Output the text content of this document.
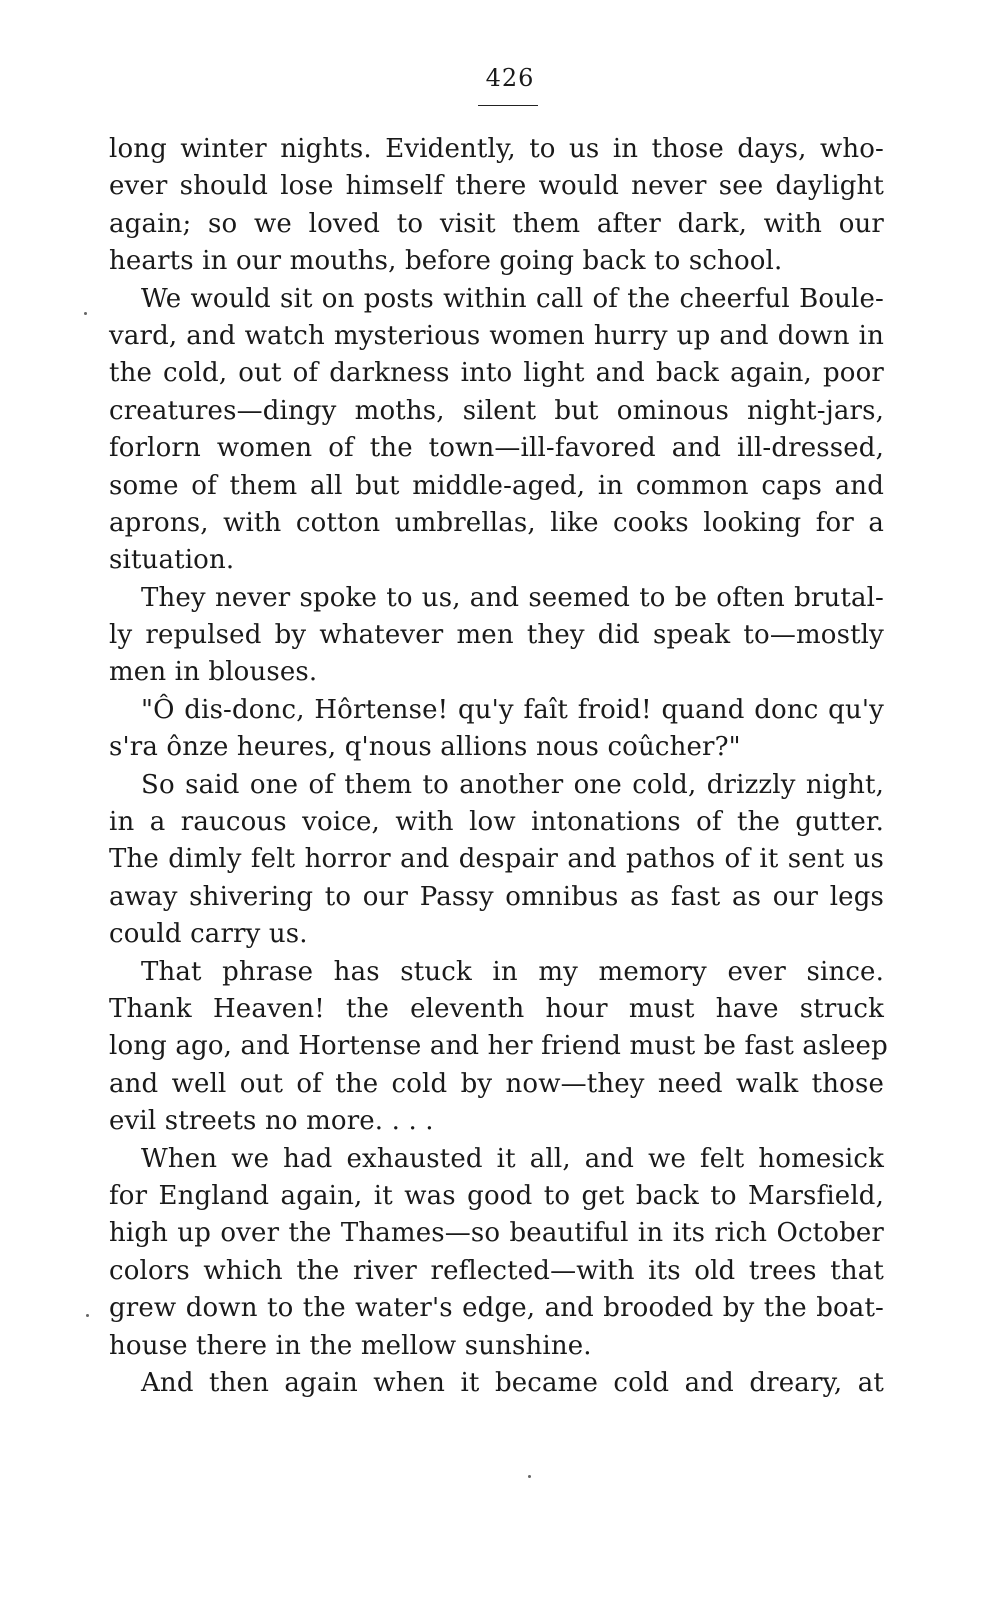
426
long winter nights. Evidently, to us in those days, who-
ever should lose himself there would never see daylight
again; so we loved to visit them after dark, with our
hearts in our mouths, before going back to school.
We would sit on posts within call of the cheerful Boule-
vard, and watch mysterious women hurry up and down in
the cold, out of darkness into light and back again, poor
creatures—dingy moths, silent but ominous night-jars,
forlorn women of the town—ill-favored and ill-dressed,
some of them all but middle-aged, in common caps and
aprons, with cotton umbrellas, like cooks looking for a
situation.
They never spoke to us, and seemed to be often brutal-
ly repulsed by whatever men they did speak to—mostly
men in blouses.
"Ô dis-donc, Hôrtense! qu'y faît froid! quand donc qu'y
s'ra ônze heures, q'nous allions nous coûcher?"
So said one of them to another one cold, drizzly night,
in a raucous voice, with low intonations of the gutter.
The dimly felt horror and despair and pathos of it sent us
away shivering to our Passy omnibus as fast as our legs
could carry us.
That phrase has stuck in my memory ever since.
Thank Heaven! the eleventh hour must have struck
long ago, and Hortense and her friend must be fast asleep
and well out of the cold by now—they need walk those
evil streets no more. . . .
When we had exhausted it all, and we felt homesick
for England again, it was good to get back to Marsfield,
high up over the Thames—so beautiful in its rich October
colors which the river reflected—with its old trees that
grew down to the water's edge, and brooded by the boat-
house there in the mellow sunshine.
And then again when it became cold and dreary, at
